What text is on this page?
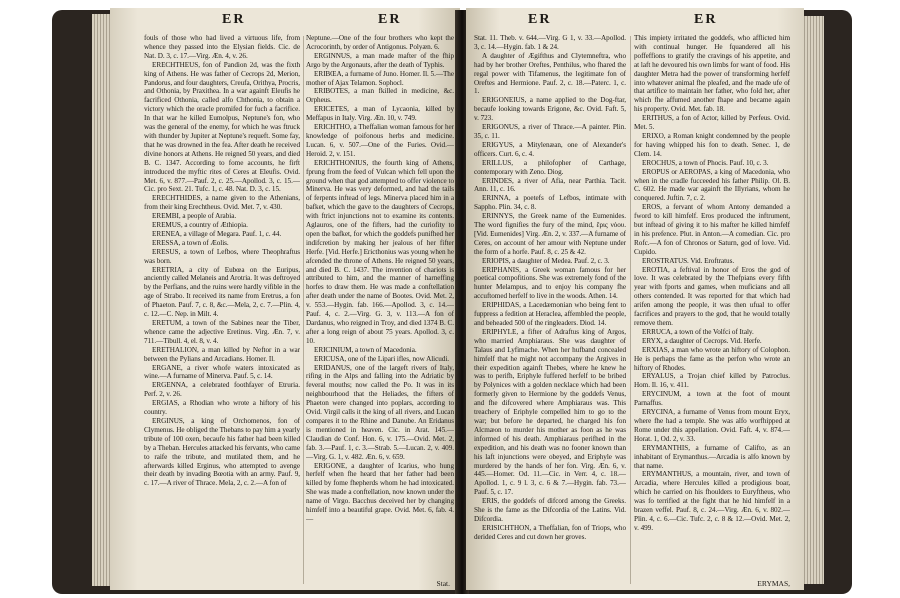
ER	ER

fouls of those who had lived a virtuous life, from whence they passed into the Elysian fields. Cic. de Nat. D. 3, c. 17.—Virg. Æn. 4, v. 26.

ERECHTHEUS, fon of Pandion 2d, was the fixth king of Athens. He was father of Cecrops 2d, Merion, Pandorus, and four daughters, Creufa, Orithya, Procris, and Othonia, by Praxithea. In a war againft Eleufis he facrificed Othonia, called alfo Chthonia, to obtain a victory which the oracle promifed for fuch a facrifice. In that war he killed Eumolpus, Neptune's fon, who was the general of the enemy, for which he was ftruck with thunder by Jupiter at Neptune's requeft. Some fay, that he was drowned in the fea. After death he received divine honors at Athens. He reigned 50 years, and died B. C. 1347. According to fome accounts, he firft introduced the myftic rites of Ceres at Eleufis. Ovid. Met. 6, v. 877.—Pauf. 2, c. 25.—Apollod. 3, c. 15.—Cic. pro Sext. 21. Tufc. 1, c. 48. Nat. D. 3, c. 15.

ERECHTHIDES, a name given to the Athenians, from their king Erechtheus. Ovid. Met. 7, v. 430.

EREMBI, a people of Arabia.

EREMUS, a country of Æthiopia.

ERENEA, a village of Megara. Pauf. 1, c. 44.

ERESSA, a town of Æolis.

ERESUS, a town of Lefbos, where Theophraftus was born.

ERETRIA, a city of Eubœa on the Euripus, anciently called Melaneis and Arotria. It was deftroyed by the Perfians, and the ruins were hardly vifible in the age of Strabo. It received its name from Eretrus, a fon of Phaeton. Pauf. 7, c. 8, &c.—Mela, 2, c. 7.—Plin. 4, c. 12.—C. Nep. in Milt. 4.

ERETUM, a town of the Sabines near the Tiber, whence came the adjective Eretinus. Virg. Æn. 7, v. 711.—Tibull. 4, el. 8, v. 4.

ERETHALION, a man killed by Neftor in a war between the Pylians and Arcadians. Homer. Il.

ERGANE, a river whofe waters intoxicated as wine.—A furname of Minerva. Pauf. 5, c. 14.

ERGENNA, a celebrated foothfayer of Etruria. Perf. 2, v. 26.

ERGIAS, a Rhodian who wrote a hiftory of his country.

ERGINUS, a king of Orchomenos, fon of Clymenus. He obliged the Thebans to pay him a yearly tribute of 100 oxen, becaufe his father had been killed by a Theban. Hercules attacked his fervants, who came to raife the tribute, and mutilated them, and he afterwards killed Erginus, who attempted to avenge their death by invading Bœotia with an army. Pauf. 9, c. 17.—A river of Thrace. Mela, 2, c. 2.—A fon of

Neptune.—One of the four brothers who kept the Acrocorinth, by order of Antigonus. Polyæn. 6.

ERGINNUS, a man made mafter of the fhip Argo by the Argonauts, after the death of Typhis.

ERIBŒA, a furname of Juno. Homer. Il. 5.—The mother of Ajax Telamon. Sophocl.

ERIBOTES, a man fkilled in medicine, &c. Orpheus.

ERICETES, a man of Lycaonia, killed by Meffapus in Italy. Virg. Æn. 10, v. 749.

ERICHTHO, a Theffalian woman famous for her knowledge of poifonous herbs and medicine. Lucan. 6, v. 507.—One of the Furies. Ovid.—Heroid. 2, v. 151.

ERICHTHONIUS, the fourth king of Athens, fprung from the feed of Vulcan which fell upon the ground when that god attempted to offer violence to Minerva. He was very deformed, and had the tails of ferpents inftead of legs. Minerva placed him in a bafket, which the gave to the daughters of Cecrops, with ftrict injunctions not to examine its contents. Aglauros, one of the fifters, had the curiofity to open the bafket, for which the goddefs punifhed her indifcretion by making her jealous of her fifter Herfe. [Vid. Herfe.] Ericthonius was young when he afcended the throne of Athens. He reigned 50 years, and died B. C. 1437. The invention of chariots is attributed to him, and the manner of harneffing horfes to draw them. He was made a conftellation after death under the name of Bootes. Ovid. Met. 2, v. 553.—Hygin. fab. 166.—Apollod. 3, c. 14.—Pauf. 4, c. 2.—Virg. G. 3, v. 113.—A fon of Dardanus, who reigned in Troy, and died 1374 B. C. after a long reign of about 75 years. Apollod. 3, c. 10.

ERICINIUM, a town of Macedonia.

ERICUSA, one of the Lipari ifles, now Alicudi.

ERIDANUS, one of the largeft rivers of Italy, rifing in the Alps and falling into the Adriatic by feveral mouths; now called the Po. It was in its neighbourhood that the Heliades, the fifters of Phaeton were changed into poplars, according to Ovid. Virgil calls it the king of all rivers, and Lucan compares it to the Rhine and Danube. An Eridanus is mentioned in heaven. Cic. in Arat. 145.—Claudian de Conf. Hon. 6, v. 175.—Ovid. Met. 2, fab. 3.—Pauf. 1, c. 3.—Strab. 5.—Lucan. 2, v. 409.—Virg. G. 1, v. 482. Æn. 6, v. 659.

ERIGONE, a daughter of Icarius, who hung herfelf when fhe heard that her father had been killed by fome fhepherds whom he had intoxicated. She was made a conftellation, now known under the name of Virgo. Bacchus deceived her by changing himfelf into a beautiful grape. Ovid. Met. 6, fab. 4.—

Stat.
ER	ER

Stat. 11. Theb. v. 644.—Virg. G 1, v. 33.—Apollod. 3, c. 14.—Hygin. fab. 1 & 24.

A daughter of Ægifthus and Clytemneftra, who had by her brother Oreftes, Penthilus, who fhared the regal power with Tifamenus, the legitimate fon of Oreftes and Hermione. Pauf. 2, c. 18.—Paterc. 1, c. 1.

ERIGONEIUS, a name applied to the Dog-ftar, becaufe looking towards Erigone, &c. Ovid. Faft. 5, v. 723.

ERIGONUS, a river of Thrace.—A painter. Plin. 35, c. 11.

ERIGYUS, a Mitylenæan, one of Alexander's officers. Curt. 6, c. 4.

ERILLUS, a philofopher of Carthage, contemporary with Zeno. Diog.

ERINDES, a river of Afia, near Parthia. Tacit. Ann. 11, c. 16.

ERINNA, a poetefs of Lefbos, intimate with Sappho. Plin. 34, c. 8.

ERINNYS, the Greek name of the Eumenides. The word fignifies the fury of the mind, ἔρις νόου. [Vid. Eumenides] Virg. Æn. 2, v. 337.—A furname of Ceres, on account of her amour with Neptune under the form of a horfe. Pauf. 8, c. 25 & 42.

ERIOPIS, a daughter of Medea. Pauf. 2, c. 3.

ERIPHANIS, a Greek woman famous for her poetical compofitions. She was extremely fond of the hunter Melampus, and to enjoy his company fhe accuftomed herfelf to live in the woods. Athen. 14.

ERIPHIDAS, a Lacedæmonian who being fent to fuppress a fedition at Heraclea, affembled the people, and beheaded 500 of the ringleaders. Diod. 14.

ERIPHYLE, a fifter of Adraftus king of Argos, who married Amphiaraus. She was daughter of Talaus and Lyfimache. When her hufband concealed himfelf that he might not accompany the Argives in their expedition againft Thebes, where he knew he was to perifh, Eriphyle fuffered herfelf to be bribed by Polynices with a golden necklace which had been formerly given to Hermione by the goddefs Venus, and fhe difcovered where Amphiaraus was. This treachery of Eriphyle compelled him to go to the war; but before he departed, he charged his fon Alcmæon to murder his mother as foon as he was informed of his death. Amphiaraus perifhed in the expedition, and his death was no fooner known than his laft injunctions were obeyed, and Eriphyle was murdered by the hands of her fon. Virg. Æn. 6, v. 445.—Homer. Od. 11.—Cic. in Verr. 4, c. 18.—Apollod. 1, c. 9 l. 3, c. 6 & 7.—Hygin. fab. 73.—Pauf. 5, c. 17.

ERIS, the goddefs of difcord among the Greeks. She is the fame as the Difcordia of the Latins. Vid. Difcordia.

ERISICHTHON, a Theffalian, fon of Triops, who derided Ceres and cut down her groves.

This impiety irritated the goddefs, who afflicted him with continual hunger. He fquandered all his poffeffions to gratify the cravings of his appetite, and at laft he devoured his own limbs for want of food. His daughter Metra had the power of transforming herfelf into whatever animal fhe pleafed, and fhe made ufe of that artifice to maintain her father, who fold her, after which fhe affumed another fhape and became again his property. Ovid. Met. fab. 18.

ERITHUS, a fon of Actor, killed by Perfeus. Ovid. Met. 5.

ERIXO, a Roman knight condemned by the people for having whipped his fon to death. Senec. 1, de Clem. 14.

EROCHUS, a town of Phocis. Pauf. 10, c. 3.

EROPUS or AEROPAS, a king of Macedonia, who when in the cradle fucceeded his father Philip. Ol. B. C. 602. He made war againft the Illyrians, whom he conquered. Juftin. 7, c. 2.

EROS, a fervant of whom Antony demanded a fword to kill himfelf. Eros produced the inftrument, but inftead of giving it to his mafter he killed himfelf in his prefence. Plut. in Anton.—A comedian. Cic. pro Rofc.—A fon of Chronos or Saturn, god of love. Vid. Cupido.

EROSTRATUS. Vid. Eroftratus.

EROTIA, a feftival in honor of Eros the god of love. It was celebrated by the Thefpians every fifth year with fports and games, when muficians and all others contended. It was reported for that which had arifen among the people, it was then ufual to offer facrifices and prayers to the god, that he would totally remove them.

ERRUCA, a town of the Volfci of Italy.

ERYX, a daughter of Cecrops. Vid. Herfe.

ERXIAS, a man who wrote an hiftory of Colophon. He is perhaps the fame as the perfon who wrote an hiftory of Rhodes.

ERYALUS, a Trojan chief killed by Patroclus. Hom. Il. 16, v. 411.

ERYCINUM, a town at the foot of mount Parnaffus.

ERYCINA, a furname of Venus from mount Eryx, where fhe had a temple. She was alfo worfhipped at Rome under this appellation. Ovid. Faft. 4, v. 874.—Horat. 1, Od. 2, v. 33.

ERYMANTHIS, a furname of Califto, as an inhabitant of Erymanthus.—Arcadia is alfo known by that name.

ERYMANTHUS, a mountain, river, and town of Arcadia, where Hercules killed a prodigious boar, which he carried on his fhoulders to Euryftheus, who was fo terrified at the fight that he hid himfelf in a brazen veffel. Pauf. 8, c. 24.—Virg. Æn. 6, v. 802.—Plin. 4, c. 6.—Cic. Tufc. 2, c. 8 & 12.—Ovid. Met. 2, v. 499.

ERYMAS,
